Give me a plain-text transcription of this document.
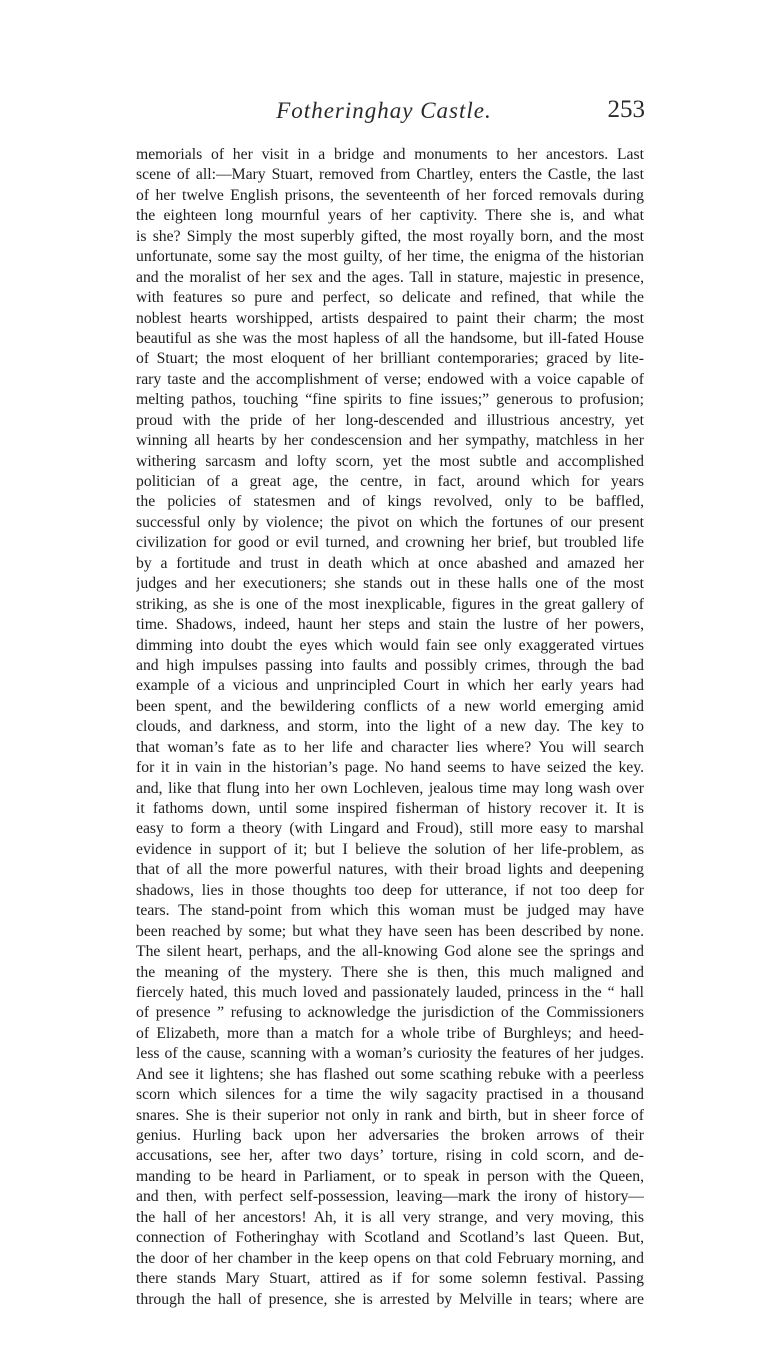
Fotheringhay Castle.	253
memorials of her visit in a bridge and monuments to her ancestors. Last
scene of all:—Mary Stuart, removed from Chartley, enters the Castle, the last
of her twelve English prisons, the seventeenth of her forced removals during
the eighteen long mournful years of her captivity. There she is, and what
is she? Simply the most superbly gifted, the most royally born, and the most
unfortunate, some say the most guilty, of her time, the enigma of the historian
and the moralist of her sex and the ages. Tall in stature, majestic in presence,
with features so pure and perfect, so delicate and refined, that while the
noblest hearts worshipped, artists despaired to paint their charm; the most
beautiful as she was the most hapless of all the handsome, but ill-fated House
of Stuart; the most eloquent of her brilliant contemporaries; graced by lite-
rary taste and the accomplishment of verse; endowed with a voice capable of
melting pathos, touching “fine spirits to fine issues;” generous to profusion;
proud with the pride of her long-descended and illustrious ancestry, yet
winning all hearts by her condescension and her sympathy, matchless in her
withering sarcasm and lofty scorn, yet the most subtle and accomplished
politician of a great age, the centre, in fact, around which for years
the policies of statesmen and of kings revolved, only to be baffled,
successful only by violence; the pivot on which the fortunes of our present
civilization for good or evil turned, and crowning her brief, but troubled life
by a fortitude and trust in death which at once abashed and amazed her
judges and her executioners; she stands out in these halls one of the most
striking, as she is one of the most inexplicable, figures in the great gallery of
time. Shadows, indeed, haunt her steps and stain the lustre of her powers,
dimming into doubt the eyes which would fain see only exaggerated virtues
and high impulses passing into faults and possibly crimes, through the bad
example of a vicious and unprincipled Court in which her early years had
been spent, and the bewildering conflicts of a new world emerging amid
clouds, and darkness, and storm, into the light of a new day. The key to
that woman’s fate as to her life and character lies where? You will search
for it in vain in the historian’s page. No hand seems to have seized the key.
and, like that flung into her own Lochleven, jealous time may long wash over
it fathoms down, until some inspired fisherman of history recover it. It is
easy to form a theory (with Lingard and Froud), still more easy to marshal
evidence in support of it; but I believe the solution of her life-problem, as
that of all the more powerful natures, with their broad lights and deepening
shadows, lies in those thoughts too deep for utterance, if not too deep for
tears. The stand-point from which this woman must be judged may have
been reached by some; but what they have seen has been described by none.
The silent heart, perhaps, and the all-knowing God alone see the springs and
the meaning of the mystery. There she is then, this much maligned and
fiercely hated, this much loved and passionately lauded, princess in the “ hall
of presence ” refusing to acknowledge the jurisdiction of the Commissioners
of Elizabeth, more than a match for a whole tribe of Burghleys; and heed-
less of the cause, scanning with a woman’s curiosity the features of her judges.
And see it lightens; she has flashed out some scathing rebuke with a peerless
scorn which silences for a time the wily sagacity practised in a thousand
snares. She is their superior not only in rank and birth, but in sheer force of
genius. Hurling back upon her adversaries the broken arrows of their
accusations, see her, after two days’ torture, rising in cold scorn, and de-
manding to be heard in Parliament, or to speak in person with the Queen,
and then, with perfect self-possession, leaving—mark the irony of history—
the hall of her ancestors! Ah, it is all very strange, and very moving, this
connection of Fotheringhay with Scotland and Scotland’s last Queen. But,
the door of her chamber in the keep opens on that cold February morning, and
there stands Mary Stuart, attired as if for some solemn festival. Passing
through the hall of presence, she is arrested by Melville in tears; where are
